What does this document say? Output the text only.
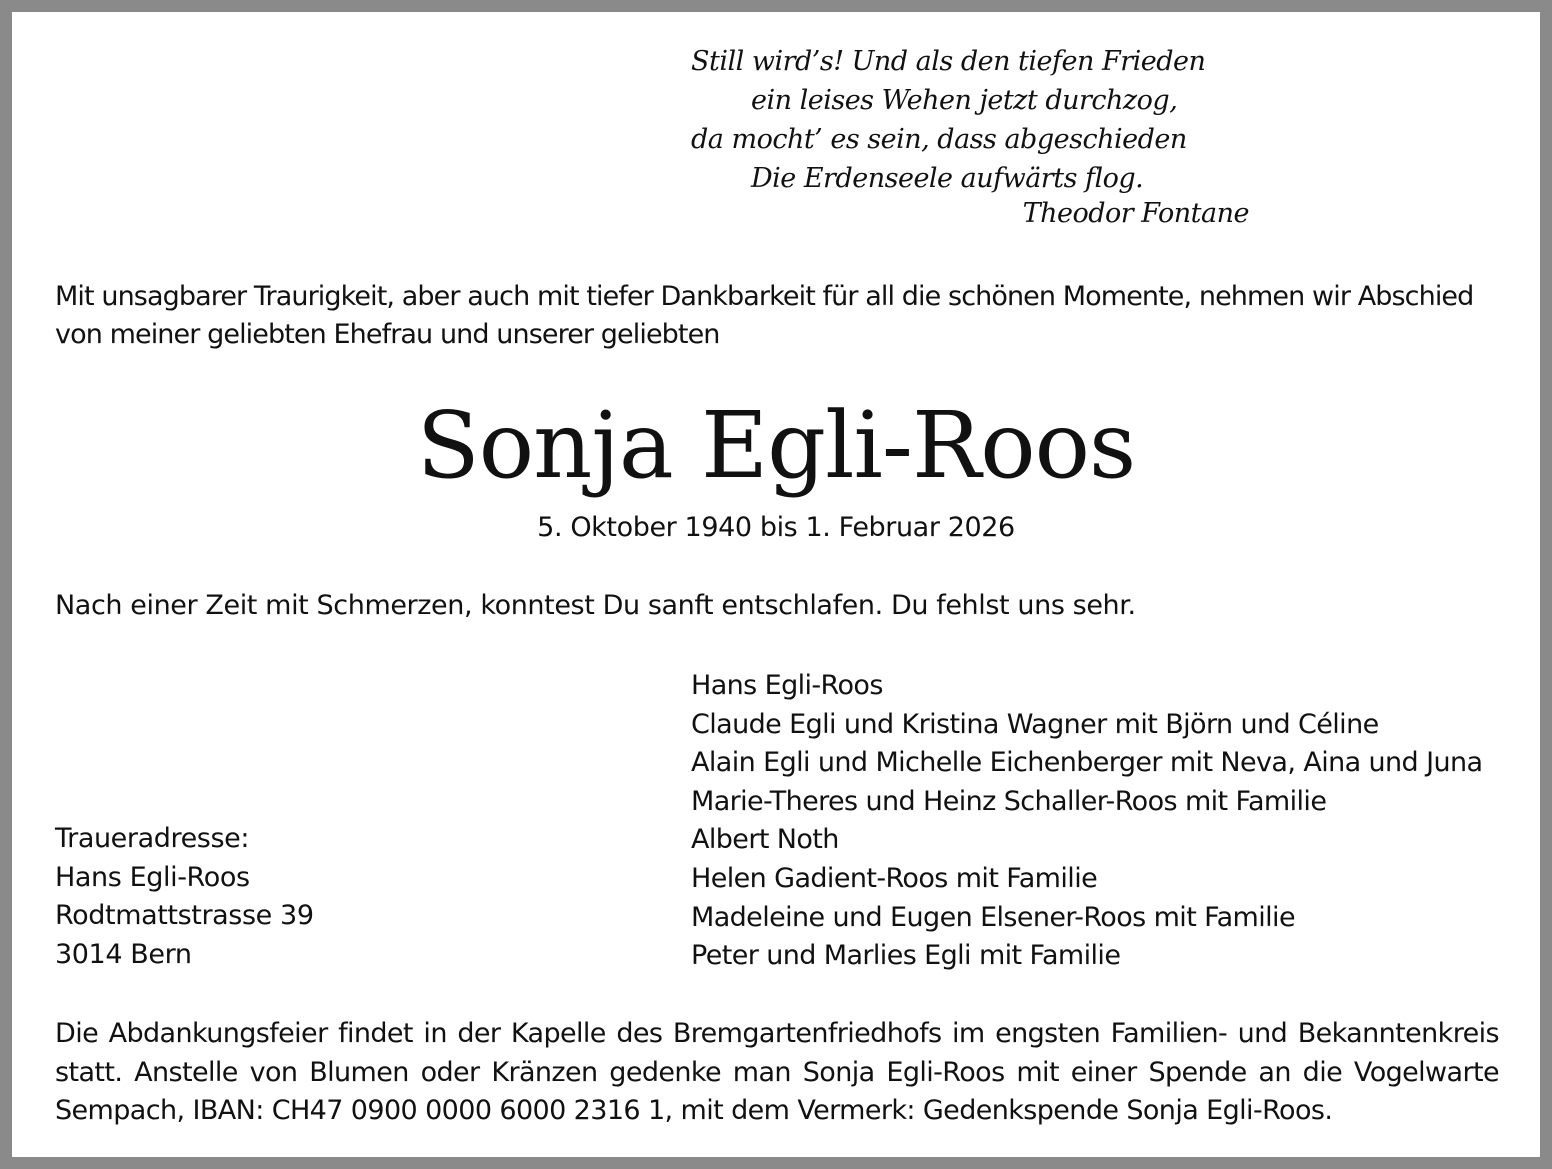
Still wird’s! Und als den tiefen Frieden
ein leises Wehen jetzt durchzog,
da mocht’ es sein, dass abgeschieden
Die Erdenseele aufwärts flog.
Theodor Fontane
Mit unsagbarer Traurigkeit, aber auch mit tiefer Dankbarkeit für all die schönen Momente, nehmen wir Abschied von meiner geliebten Ehefrau und unserer geliebten
Sonja Egli-Roos
5. Oktober 1940 bis 1. Februar 2026
Nach einer Zeit mit Schmerzen, konntest Du sanft entschlafen. Du fehlst uns sehr.
Hans Egli-Roos
Claude Egli und Kristina Wagner mit Björn und Céline
Alain Egli und Michelle Eichenberger mit Neva, Aina und Juna
Marie-Theres und Heinz Schaller-Roos mit Familie
Albert Noth
Helen Gadient-Roos mit Familie
Madeleine und Eugen Elsener-Roos mit Familie
Peter und Marlies Egli mit Familie
Traueradresse:
Hans Egli-Roos
Rodtmattstrasse 39
3014 Bern
Die Abdankungsfeier findet in der Kapelle des Bremgartenfriedhofs im engsten Familien- und Bekanntenkreis statt. Anstelle von Blumen oder Kränzen gedenke man Sonja Egli-Roos mit einer Spende an die Vogelwarte Sempach, IBAN: CH47 0900 0000 6000 2316 1, mit dem Vermerk: Gedenkspende Sonja Egli-Roos.
